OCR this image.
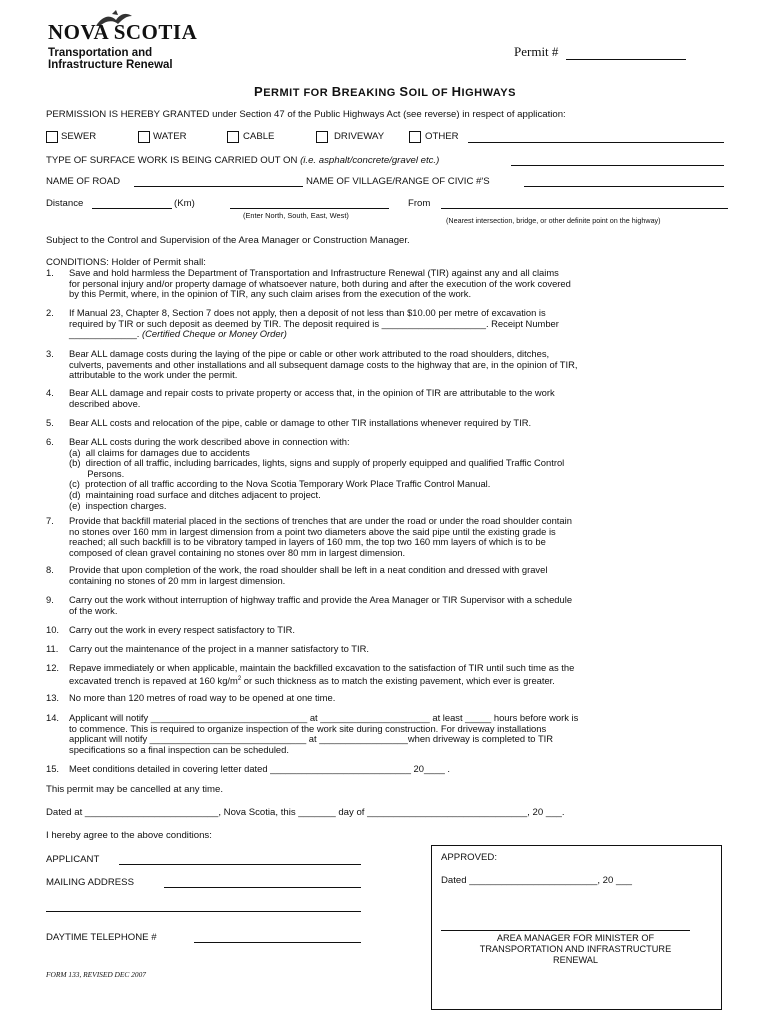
NOVA SCOTIA
Transportation and
Infrastructure Renewal
Permit #
PERMIT FOR BREAKING SOIL OF HIGHWAYS
PERMISSION IS HEREBY GRANTED under Section 47 of the Public Highways Act (see reverse) in respect of application:
SEWER	WATER	CABLE	DRIVEWAY	OTHER
TYPE OF SURFACE WORK IS BEING CARRIED OUT ON (i.e. asphalt/concrete/gravel etc.)
NAME OF ROAD	NAME OF VILLAGE/RANGE OF CIVIC #'S
Distance	(Km)	From
(Enter North, South, East, West)
(Nearest intersection, bridge, or other definite point on the highway)
Subject to the Control and Supervision of the Area Manager or Construction Manager.
CONDITIONS: Holder of Permit shall:
1. Save and hold harmless the Department of Transportation and Infrastructure Renewal (TIR) against any and all claims
for personal injury and/or property damage of whatsoever nature, both during and after the execution of the work covered
by this Permit, where, in the opinion of TIR, any such claim arises from the execution of the work.
2. If Manual 23, Chapter 8, Section 7 does not apply, then a deposit of not less than $10.00 per metre of excavation is
required by TIR or such deposit as deemed by TIR. The deposit required is ____________________. Receipt Number
_____________. (Certified Cheque or Money Order)
3. Bear ALL damage costs during the laying of the pipe or cable or other work attributed to the road shoulders, ditches,
culverts, pavements and other installations and all subsequent damage costs to the highway that are, in the opinion of TIR,
attributable to the work under the permit.
4. Bear ALL damage and repair costs to private property or access that, in the opinion of TIR are attributable to the work
described above.
5. Bear ALL costs and relocation of the pipe, cable or damage to other TIR installations whenever required by TIR.
6. Bear ALL costs during the work described above in connection with:
(a)  all claims for damages due to accidents
(b)  direction of all traffic, including barricades, lights, signs and supply of properly equipped and qualified Traffic Control
Persons.
(c)  protection of all traffic according to the Nova Scotia Temporary Work Place Traffic Control Manual.
(d)  maintaining road surface and ditches adjacent to project.
(e)  inspection charges.
7. Provide that backfill material placed in the sections of trenches that are under the road or under the road shoulder contain
no stones over 160 mm in largest dimension from a point two diameters above the said pipe until the existing grade is
reached; all such backfill is to be vibratory tamped in layers of 160 mm, the top two 160 mm layers of which is to be
composed of clean gravel containing no stones over 80 mm in largest dimension.
8. Provide that upon completion of the work, the road shoulder shall be left in a neat condition and dressed with gravel
containing no stones of 20 mm in largest dimension.
9. Carry out the work without interruption of highway traffic and provide the Area Manager or TIR Supervisor with a schedule
of the work.
10. Carry out the work in every respect satisfactory to TIR.
11. Carry out the maintenance of the project in a manner satisfactory to TIR.
12. Repave immediately or when applicable, maintain the backfilled excavation to the satisfaction of TIR until such time as the
excavated trench is repaved at 160 $kg/m^2$ or such thickness as to match the existing pavement, which ever is greater.
13. No more than 120 metres of road way to be opened at one time.
14. Applicant will notify ______________________________ at _____________________ at least _____ hours before work is
to commence. This is required to organize inspection of the work site during construction. For driveway installations
applicant will notify ______________________________ at _________________when driveway is completed to TIR
specifications so a final inspection can be scheduled.
15. Meet conditions detailed in covering letter dated ___________________________ 20____ .
This permit may be cancelled at any time.
Dated at _________________________, Nova Scotia, this _______ day of ______________________________, 20 ___.
I hereby agree to the above conditions:
APPLICANT
MAILING ADDRESS
DAYTIME TELEPHONE #
APPROVED:
Dated ________________________, 20 ___
AREA MANAGER FOR MINISTER OF
TRANSPORTATION AND INFRASTRUCTURE
RENEWAL
FORM 133, REVISED DEC 2007
